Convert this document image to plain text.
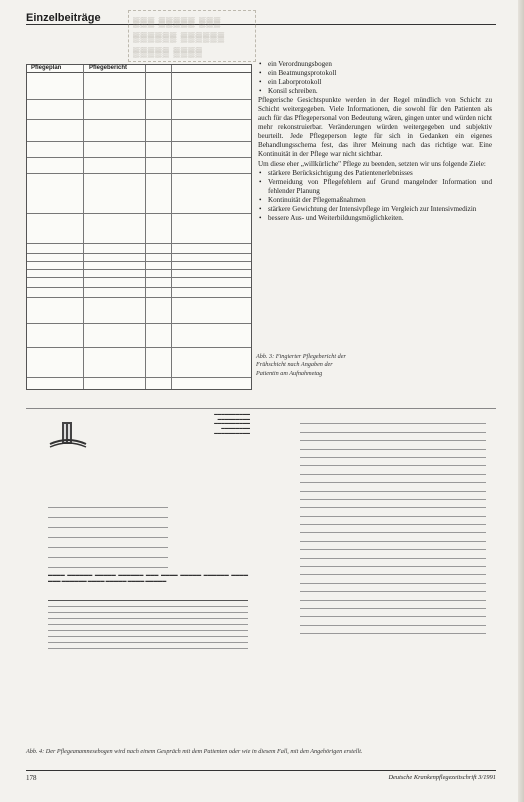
Einzelbeiträge	▒▒▒ ▒▒▒▒▒ ▒▒▒
▒▒▒▒▒▒ ▒▒▒▒▒▒
▒▒▒▒▒ ▒▒▒▒
Pflegeplan	Pflegebericht
Abb. 3: Fingierter Pflegebericht der Frühschicht nach Angaben der Patientin am Aufnahmetag
• ein Verordnungsbogen
• ein Beatmungsprotokoll
• ein Laborprotokoll
• Konsil schreiben.

Pflegerische Gesichtspunkte werden in der Regel mündlich von Schicht zu Schicht weitergegeben. Viele Informationen, die sowohl für den Patienten als auch für das Pflegepersonal von Bedeutung wären, gingen unter und würden nicht mehr rekonstruierbar. Veränderungen würden weitergegeben und subjektiv beurteilt. Jede Pflegeperson legte für sich in Gedanken ein eigenes Behandlungsschema fest, das ihrer Meinung nach das richtige war. Eine Kontinuität in der Pflege war nicht sichtbar.

Um diese eher „willkürliche" Pflege zu beenden, setzten wir uns folgende Ziele:

• stärkere Berücksichtigung des Patientenerlebnisses
• Vermeidung von Pflegefehlern auf Grund mangelnder Information und fehlender Planung
• Kontinuität der Pflegemaßnahmen
• stärkere Gewichtung der Intensivpflege im Vergleich zur Intensivmedizin
• bessere Aus- und Weiterbildungsmöglichkeiten.
▬▬▬▬▬▬▬▬▬▬
▬▬▬▬▬▬▬▬▬
▬▬▬▬▬▬▬▬▬▬
▬▬▬▬▬▬▬▬
▬▬▬▬▬▬▬▬▬▬
▬▬▬▬ ▬▬▬▬▬▬ ▬▬▬▬▬ ▬▬▬▬▬▬ ▬▬▬ ▬▬▬▬ ▬▬▬▬▬ ▬▬▬▬▬▬ ▬▬▬▬ ▬▬▬ ▬▬▬▬▬▬ ▬▬▬▬ ▬▬▬▬▬ ▬▬▬▬ ▬▬▬▬▬
Abb. 4: Der Pflegeanamnesebogen wird nach einem Gespräch mit dem Patienten oder wie in diesem Fall, mit den Angehörigen erstellt.
178	Deutsche Krankenpflegezeitschrift 3/1991
